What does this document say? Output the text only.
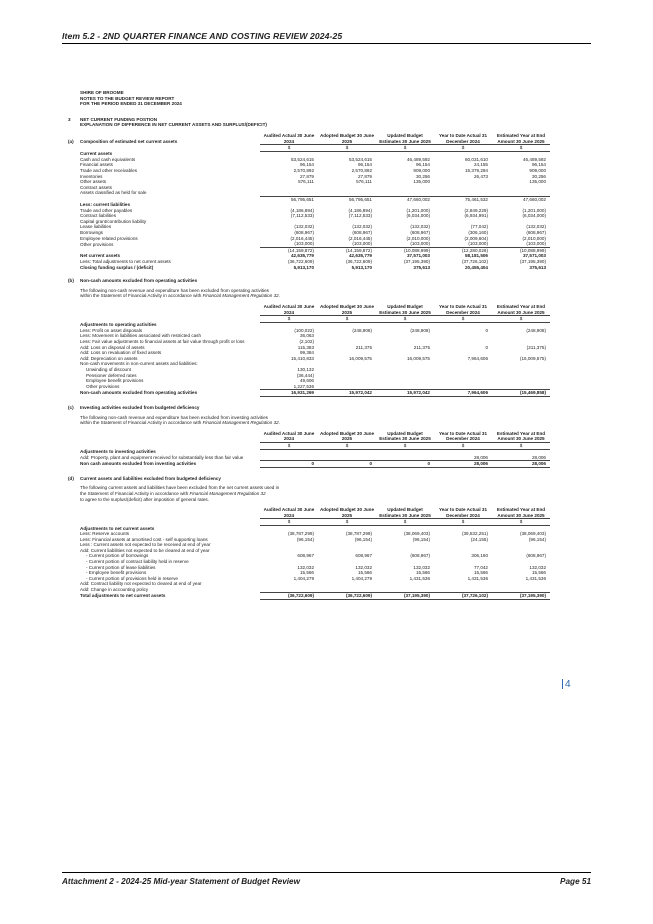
Item 5.2 - 2ND QUARTER FINANCE AND COSTING REVIEW 2024-25
SHIRE OF BROOME
NOTES TO THE BUDGET REVIEW REPORT
FOR THE PERIOD ENDED 31 DECEMBER 2024
3	NET CURRENT FUNDING POSTION
EXPLANATION OF DIFFERENCE IN NET CURRENT ASSETS AND SURPLUS/(DEFICIT)
(a) Composition of estimated net current assets	Audited Actual 30 June 2024	Adopted Budget 30 June 2025	Updated Budget Estimates 30 June 2025	Year to Date Actual 31 December 2024	Estimated Year at End Amount 30 June 2025
	$	$	$	$	$
Current assets					
Cash and cash equivalents	53,524,615	53,524,615	46,489,592	60,031,610	46,489,592
Financial assets	96,154	96,154	96,154	24,155	96,154
Trade and other receivables	2,570,892	2,570,892	909,000	15,379,294	909,000
Inventories	27,879	27,879	30,256	26,473	30,256
Other assets	576,111	576,111	135,000		135,000
Contract assets					
Assets classified as held for sale					
	56,795,651	56,795,651	47,660,002	75,461,532	47,660,002
Less: current liabilities					
Trade and other payables	(4,186,894)	(4,186,894)	(1,201,000)	(2,849,229)	(1,201,000)
Contract liabilities	(7,112,533)	(7,112,533)	(6,034,000)	(6,934,991)	(6,034,000)
Capital grant/contribution liability					
Lease liabilities	(132,032)	(132,032)	(132,032)	(77,042)	(132,032)
Borrowings	(608,967)	(608,967)	(608,967)	(306,160)	(608,967)
Employee related provisions	(2,016,445)	(2,016,445)	(2,010,000)	(2,009,604)	(2,010,000)
Other provisions	(103,000)	(103,000)	(103,000)	(103,000)	(103,000)
	(14,159,872)	(14,159,872)	(10,088,999)	(12,280,026)	(10,088,999)
Net current assets	42,635,779	42,635,779	37,571,003	58,181,506	37,571,003

Less: Total adjustments to net current assets	(36,722,609)	(36,722,609)	(37,195,390)	(37,726,102)	(37,195,390)
Closing funding surplus / (deficit)	5,913,170	5,913,170	375,613	20,455,404	375,613
(b)	Non-cash amounts excluded from operating activities
The following non-cash revenue and expenditure has been excluded from operating activities within the Statement of Financial Activity in accordance with Financial Management Regulation 32.
	Audited Actual 30 June 2024	Adopted Budget 30 June 2025	Updated Budget Estimates 30 June 2025	Year to Date Actual 31 December 2024	Estimated Year at End Amount 30 June 2025
	$	$	$	$	$
Adjustments to operating activities					
Less: Profit on asset disposals	(100,022)	(248,908)	(248,908)	0	(248,908)
Less: Movement in liabilities associated with restricted cash	36,063				
Less: Fair value adjustments to financial assets at fair value through profit or loss	(2,102)				
Add: Loss on disposal of assets	115,383	211,375	211,375	0	(211,375)
Add: Loss on revaluation of fixed assets	99,384				
Add: Depreciation on assets	15,410,833	16,009,575	16,009,575	7,964,606	(16,009,575)
Non-cash movements in non-current assets and liabilities:					
Unwinding of discount	130,132				
Pensioner deferred rates	(36,444)				
Employee benefit provisions	49,606				
Other provisions	1,227,536				
Non-cash amounts excluded from operating activities	16,931,269	15,972,042	15,972,042	7,964,606	(15,469,858)
(c)	Investing activities excluded from budgeted deficiency
The following non-cash revenue and expenditure has been excluded from investing activities within the Statement of Financial Activity in accordance with Financial Management Regulation 32.
	Audited Actual 30 June 2024	Adopted Budget 30 June 2025	Updated Budget Estimates 30 June 2025	Year to Date Actual 31 December 2024	Estimated Year at End Amount 30 June 2025
	$	$	$	$	$
Adjustments to investing activities					
Add: Property, plant and equipment received for substantially less than fair value				28,006	28,006
Non cash amounts excluded from investing activities	0	0	0	28,006	28,006
(d)	Current assets and liabilities excluded from budgeted deficiency
The following current assets and liabilities have been excluded from the net current assets used in the Statement of Financial Activity in accordance with Financial Management Regulation 32
to agree to the surplus/(deficit) after imposition of general rates.
	Audited Actual 30 June 2024	Adopted Budget 30 June 2025	Updated Budget Estimates 30 June 2025	Year to Date Actual 31 December 2024	Estimated Year at End Amount 30 June 2025
	$	$	$	$	$
Adjustments to net current assets					
Less: Reserve accounts	(38,787,299)	(38,787,299)	(38,069,403)	(39,532,251)	(38,069,403)
Less: Financial assets at amortised cost - self supporting loans	(96,154)	(96,154)	(96,154)	(24,155)	(96,154)
Less : Current assets not expected to be received at end of year					
Add: Current liabilities not expected to be cleared at end of year					
- Current portion of borrowings	608,967	608,967	(608,967)	306,160	(608,967)
- Current portion of contract liability held in reserve					
- Current portion of lease liabilities	132,032	132,032	132,032	77,042	132,032
- Employee benefit provisions	15,566	15,566	15,566	15,566	15,566
- Current portion of provisions held in reserve	1,404,279	1,404,279	1,431,536	1,431,536	1,431,536
Add: Contract liability not expected to cleared at end of year					
Add: Change in accounting policy					
Total adjustments to net current assets	(36,722,609)	(36,722,609)	(37,195,390)	(37,726,102)	(37,195,390)
4
Attachment 2 - 2024-25 Mid-year Statement of Budget Review	Page 51
